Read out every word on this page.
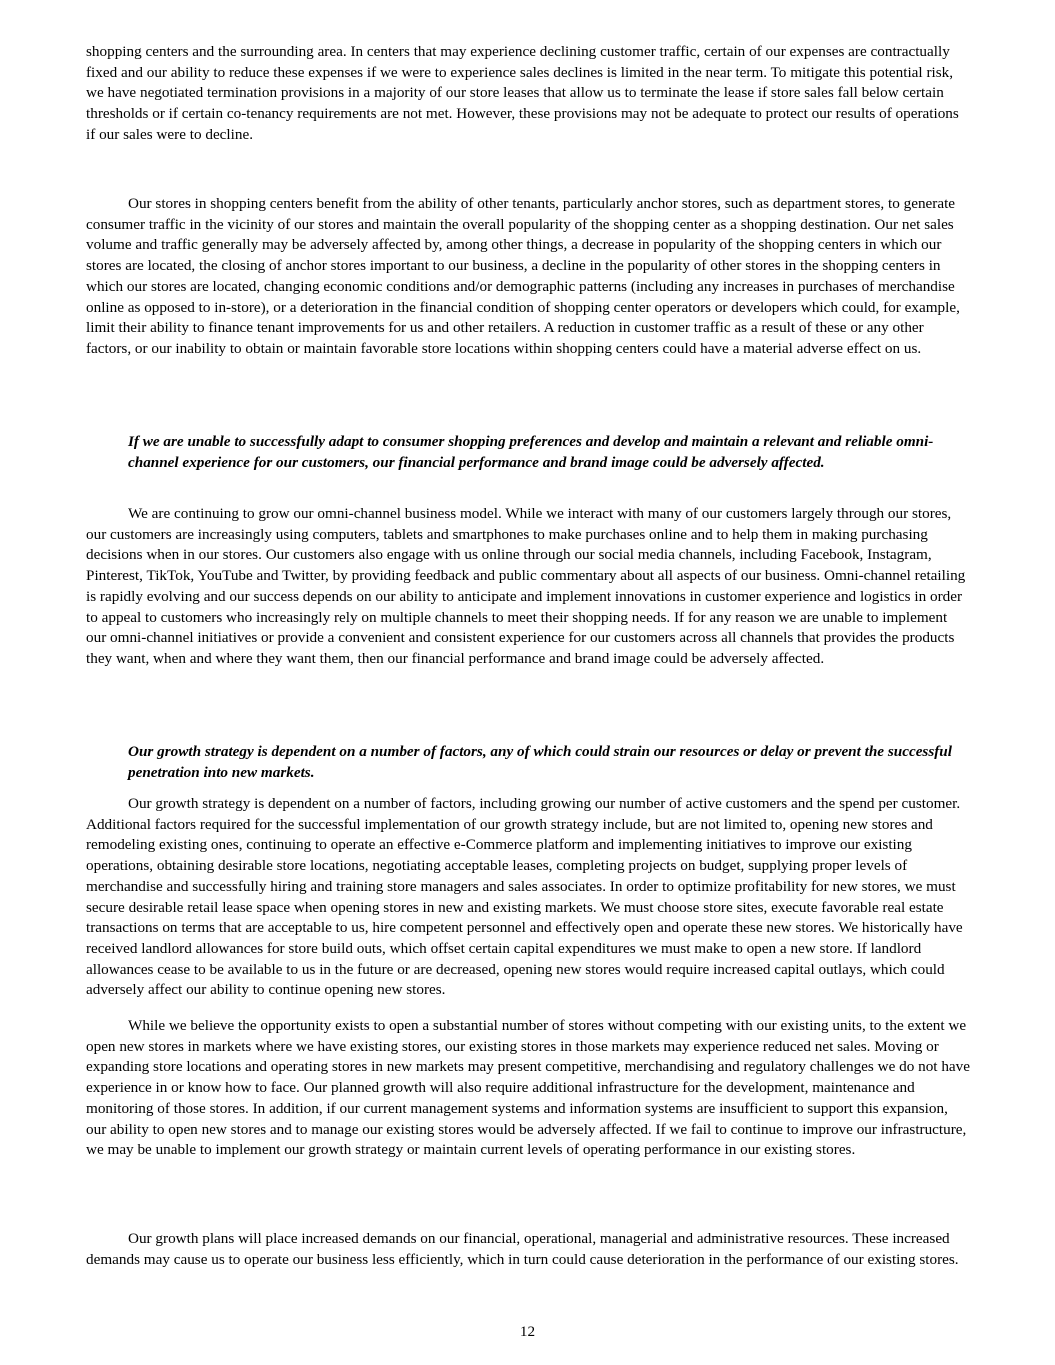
shopping centers and the surrounding area. In centers that may experience declining customer traffic, certain of our expenses are contractually fixed and our ability to reduce these expenses if we were to experience sales declines is limited in the near term. To mitigate this potential risk, we have negotiated termination provisions in a majority of our store leases that allow us to terminate the lease if store sales fall below certain thresholds or if certain co-tenancy requirements are not met. However, these provisions may not be adequate to protect our results of operations if our sales were to decline.

Our stores in shopping centers benefit from the ability of other tenants, particularly anchor stores, such as department stores, to generate consumer traffic in the vicinity of our stores and maintain the overall popularity of the shopping center as a shopping destination. Our net sales volume and traffic generally may be adversely affected by, among other things, a decrease in popularity of the shopping centers in which our stores are located, the closing of anchor stores important to our business, a decline in the popularity of other stores in the shopping centers in which our stores are located, changing economic conditions and/or demographic patterns (including any increases in purchases of merchandise online as opposed to in-store), or a deterioration in the financial condition of shopping center operators or developers which could, for example, limit their ability to finance tenant improvements for us and other retailers. A reduction in customer traffic as a result of these or any other factors, or our inability to obtain or maintain favorable store locations within shopping centers could have a material adverse effect on us.

If we are unable to successfully adapt to consumer shopping preferences and develop and maintain a relevant and reliable omni-channel experience for our customers, our financial performance and brand image could be adversely affected.

We are continuing to grow our omni-channel business model. While we interact with many of our customers largely through our stores, our customers are increasingly using computers, tablets and smartphones to make purchases online and to help them in making purchasing decisions when in our stores. Our customers also engage with us online through our social media channels, including Facebook, Instagram, Pinterest, TikTok, YouTube and Twitter, by providing feedback and public commentary about all aspects of our business. Omni-channel retailing is rapidly evolving and our success depends on our ability to anticipate and implement innovations in customer experience and logistics in order to appeal to customers who increasingly rely on multiple channels to meet their shopping needs. If for any reason we are unable to implement our omni-channel initiatives or provide a convenient and consistent experience for our customers across all channels that provides the products they want, when and where they want them, then our financial performance and brand image could be adversely affected.

Our growth strategy is dependent on a number of factors, any of which could strain our resources or delay or prevent the successful penetration into new markets.

Our growth strategy is dependent on a number of factors, including growing our number of active customers and the spend per customer. Additional factors required for the successful implementation of our growth strategy include, but are not limited to, opening new stores and remodeling existing ones, continuing to operate an effective e-Commerce platform and implementing initiatives to improve our existing operations, obtaining desirable store locations, negotiating acceptable leases, completing projects on budget, supplying proper levels of merchandise and successfully hiring and training store managers and sales associates. In order to optimize profitability for new stores, we must secure desirable retail lease space when opening stores in new and existing markets. We must choose store sites, execute favorable real estate transactions on terms that are acceptable to us, hire competent personnel and effectively open and operate these new stores. We historically have received landlord allowances for store build outs, which offset certain capital expenditures we must make to open a new store. If landlord allowances cease to be available to us in the future or are decreased, opening new stores would require increased capital outlays, which could adversely affect our ability to continue opening new stores.

While we believe the opportunity exists to open a substantial number of stores without competing with our existing units, to the extent we open new stores in markets where we have existing stores, our existing stores in those markets may experience reduced net sales. Moving or expanding store locations and operating stores in new markets may present competitive, merchandising and regulatory challenges we do not have experience in or know how to face. Our planned growth will also require additional infrastructure for the development, maintenance and monitoring of those stores. In addition, if our current management systems and information systems are insufficient to support this expansion, our ability to open new stores and to manage our existing stores would be adversely affected. If we fail to continue to improve our infrastructure, we may be unable to implement our growth strategy or maintain current levels of operating performance in our existing stores.

Our growth plans will place increased demands on our financial, operational, managerial and administrative resources. These increased demands may cause us to operate our business less efficiently, which in turn could cause deterioration in the performance of our existing stores.

12
